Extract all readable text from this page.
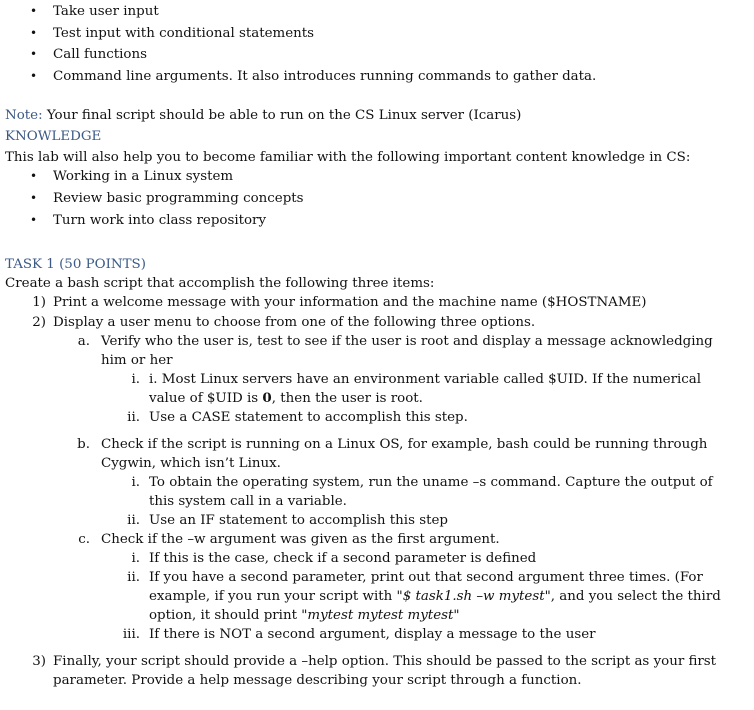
• Take user input
• Test input with conditional statements
• Call functions
• Command line arguments. It also introduces running commands to gather data.
Note: Your final script should be able to run on the CS Linux server (Icarus)
KNOWLEDGE
This lab will also help you to become familiar with the following important content knowledge in CS:
• Working in a Linux system
• Review basic programming concepts
• Turn work into class repository
TASK 1 (50 POINTS)
Create a bash script that accomplish the following three items:
1) Print a welcome message with your information and the machine name ($HOSTNAME)
2) Display a user menu to choose from one of the following three options.
a. Verify who the user is, test to see if the user is root and display a message acknowledging
him or her
i. i. Most Linux servers have an environment variable called $UID. If the numerical
value of $UID is 0, then the user is root.
ii. Use a CASE statement to accomplish this step.
b. Check if the script is running on a Linux OS, for example, bash could be running through
Cygwin, which isn’t Linux.
i. To obtain the operating system, run the uname –s command. Capture the output of
this system call in a variable.
ii. Use an IF statement to accomplish this step
c. Check if the –w argument was given as the first argument.
i. If this is the case, check if a second parameter is defined
ii. If you have a second parameter, print out that second argument three times. (For
example, if you run your script with "$ task1.sh –w mytest", and you select the third
option, it should print "mytest mytest mytest"
iii. If there is NOT a second argument, display a message to the user
3) Finally, your script should provide a –help option. This should be passed to the script as your first
parameter. Provide a help message describing your script through a function.
